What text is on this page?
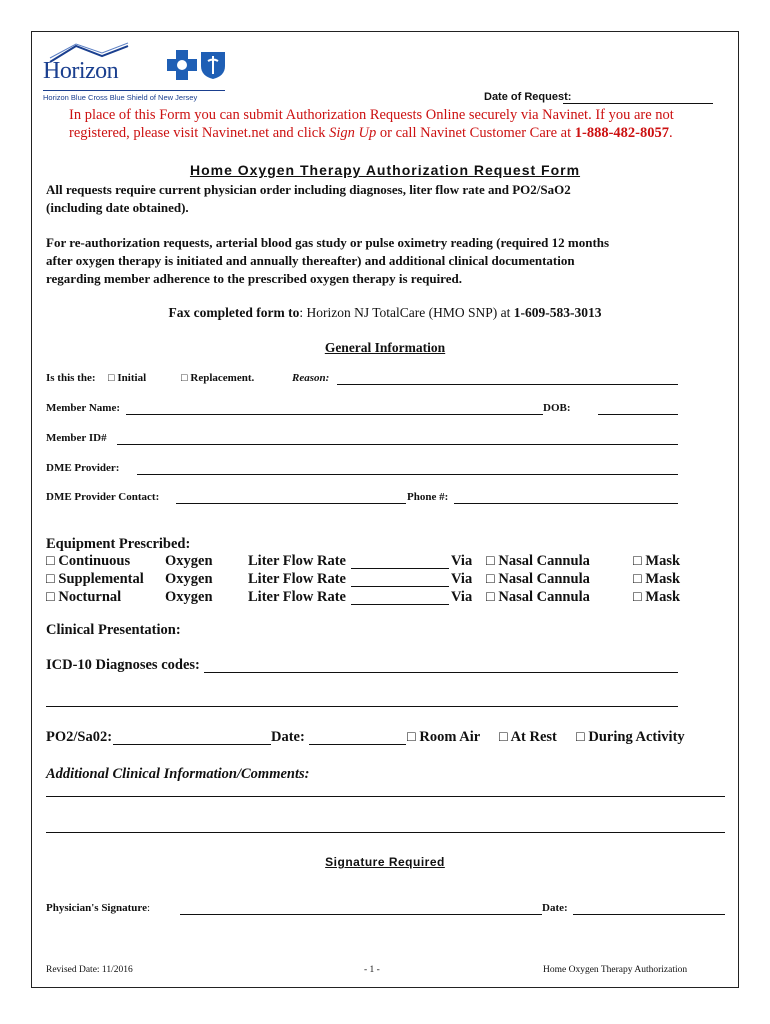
Horizon
Horizon Blue Cross Blue Shield of New Jersey	Date of Request:
In place of this Form you can submit Authorization Requests Online securely via Navinet. If you are not
registered, please visit Navinet.net and click Sign Up or call Navinet Customer Care at 1-888-482-8057.
Home Oxygen Therapy Authorization Request Form
All requests require current physician order including diagnoses, liter flow rate and PO2/SaO2
(including date obtained).
For re-authorization requests, arterial blood gas study or pulse oximetry reading (required 12 months
after oxygen therapy is initiated and annually thereafter) and additional clinical documentation
regarding member adherence to the prescribed oxygen therapy is required.
Fax completed form to: Horizon NJ TotalCare (HMO SNP) at 1-609-583-3013
General Information
Is this the: □ Initial	□ Replacement.	Reason:
Member Name:	DOB:
Member ID#
DME Provider:
DME Provider Contact:	Phone #:
Equipment Prescribed:
□ Continuous Oxygen Liter Flow Rate	Via □ Nasal Cannula	□ Mask
□ Supplemental Oxygen Liter Flow Rate	Via □ Nasal Cannula	□ Mask
□ Nocturnal	Oxygen Liter Flow Rate	Via □ Nasal Cannula	□ Mask
Clinical Presentation:
ICD-10 Diagnoses codes:
PO2/Sa02:	Date:	□ Room Air □ At Rest □ During Activity
Additional Clinical Information/Comments:
Signature Required
Physician's Signature:	Date:
Revised Date: 11/2016	- 1 -	Home Oxygen Therapy Authorization
